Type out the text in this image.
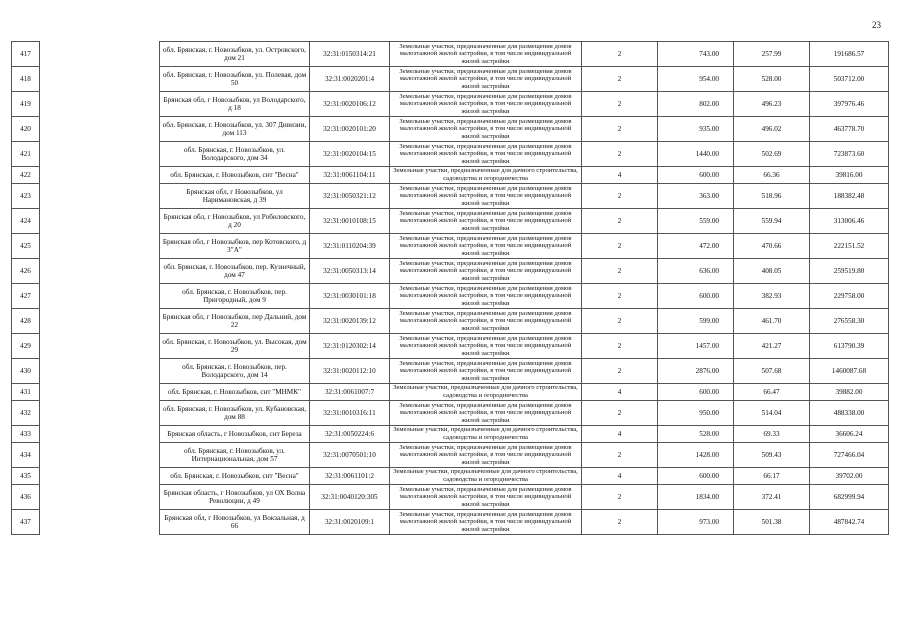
23
417		обл. Брянская, г. Новозыбков, ул. Островского, дом 21	32:31:0150314:21	Земельные участки, предназначенные для размещения домов малоэтажной жилой застройки, в том числе индивидуальной жилой застройки	2	743.00	257.99	191686.57
418		обл. Брянская, г. Новозыбков, ул. Полевая, дом 50	32:31:0020201:4	Земельные участки, предназначенные для размещения домов малоэтажной жилой застройки, в том числе индивидуальной жилой застройки	2	954.00	528.00	503712.00
419		Брянская обл, г Новозыбков, ул Володарского, д 18	32:31:0020106:12	Земельные участки, предназначенные для размещения домов малоэтажной жилой застройки, в том числе индивидуальной жилой застройки	2	802.00	496.23	397976.46
420		обл. Брянская, г. Новозыбков, ул. 307 Дивизии, дом 113	32:31:0020101:20	Земельные участки, предназначенные для размещения домов малоэтажной жилой застройки, в том числе индивидуальной жилой застройки	2	935.00	496.02	463778.70
421		обл. Брянская, г. Новозыбков, ул. Володарского, дом 34	32:31:0020104:15	Земельные участки, предназначенные для размещения домов малоэтажной жилой застройки, в том числе индивидуальной жилой застройки	2	1440.00	502.69	723873.60
422		обл. Брянская, г. Новозыбков, снт "Весна"	32:31:0061104:11	Земельные участки, предназначенные для дачного строительства, садоводства и огородничества	4	600.00	66.36	39816.00
423		Брянская обл, г Новозыбков, ул Наримановская, д 39	32:31:0050321:12	Земельные участки, предназначенные для размещения домов малоэтажной жилой застройки, в том числе индивидуальной жилой застройки	2	363.00	518.96	188382.48
424		Брянская обл, г Новозыбков, ул Робиловского, д 20	32:31:0010108:15	Земельные участки, предназначенные для размещения домов малоэтажной жилой застройки, в том числе индивидуальной жилой застройки	2	559.00	559.94	313006.46
425		Брянская обл, г Новозыбков, пер Котовского, д 3"А"	32:31:0110204:39	Земельные участки, предназначенные для размещения домов малоэтажной жилой застройки, в том числе индивидуальной жилой застройки	2	472.00	470.66	222151.52
426		обл. Брянская, г. Новозыбков, пер. Кузнечный, дом 47	32:31:0050313:14	Земельные участки, предназначенные для размещения домов малоэтажной жилой застройки, в том числе индивидуальной жилой застройки	2	636.00	408.05	259519.80
427		обл. Брянская, г. Новозыбков, пер. Пригородный, дом 9	32:31:0030101:18	Земельные участки, предназначенные для размещения домов малоэтажной жилой застройки, в том числе индивидуальной жилой застройки	2	600.00	382.93	229758.00
428		Брянская обл, г Новозыбков, пер Дальний, дом 22	32:31:0020139:12	Земельные участки, предназначенные для размещения домов малоэтажной жилой застройки, в том числе индивидуальной жилой застройки	2	599.00	461.70	276558.30
429		обл. Брянская, г. Новозыбков, ул. Высокая, дом 29	32:31:0120302:14	Земельные участки, предназначенные для размещения домов малоэтажной жилой застройки, в том числе индивидуальной жилой застройки	2	1457.00	421.27	613790.39
430		обл. Брянская, г. Новозыбков, пер. Володарского, дом 14	32:31:0020112:10	Земельные участки, предназначенные для размещения домов малоэтажной жилой застройки, в том числе индивидуальной жилой застройки	2	2876.00	507.68	1460087.68
431		обл. Брянская, г. Новозыбков, снт "МНМК"	32:31:0061007:7	Земельные участки, предназначенные для дачного строительства, садоводства и огородничества	4	600.00	66.47	39882.00
432		обл. Брянская, г. Новозыбков, ул. Кубановская, дом 88	32:31:0010316:11	Земельные участки, предназначенные для размещения домов малоэтажной жилой застройки, в том числе индивидуальной жилой застройки	2	950.00	514.04	488338.00
433		Брянская область, г Новозыбков, снт Береза	32:31:0050224:6	Земельные участки, предназначенные для дачного строительства, садоводства и огородничества	4	528.00	69.33	36606.24
434		обл. Брянская, г. Новозыбков, ул. Интернациональная, дом 57	32:31:0070501:10	Земельные участки, предназначенные для размещения домов малоэтажной жилой застройки, в том числе индивидуальной жилой застройки	2	1428.00	509.43	727466.04
435		обл. Брянская, г. Новозыбков, снт "Весна"	32:31:0061101:2	Земельные участки, предназначенные для дачного строительства, садоводства и огородничества	4	600.00	66.17	39702.00
436		Брянская область, г Новозыбков, ул ОХ Волна Революции, д 49	32:31:0040120:305	Земельные участки, предназначенные для размещения домов малоэтажной жилой застройки, в том числе индивидуальной жилой застройки	2	1834.00	372.41	682999.94
437		Брянская обл, г Новозыбков, ул Вокзальная, д 66	32:31:0020109:1	Земельные участки, предназначенные для размещения домов малоэтажной жилой застройки, в том числе индивидуальной жилой застройки	2	973.00	501.38	487842.74
